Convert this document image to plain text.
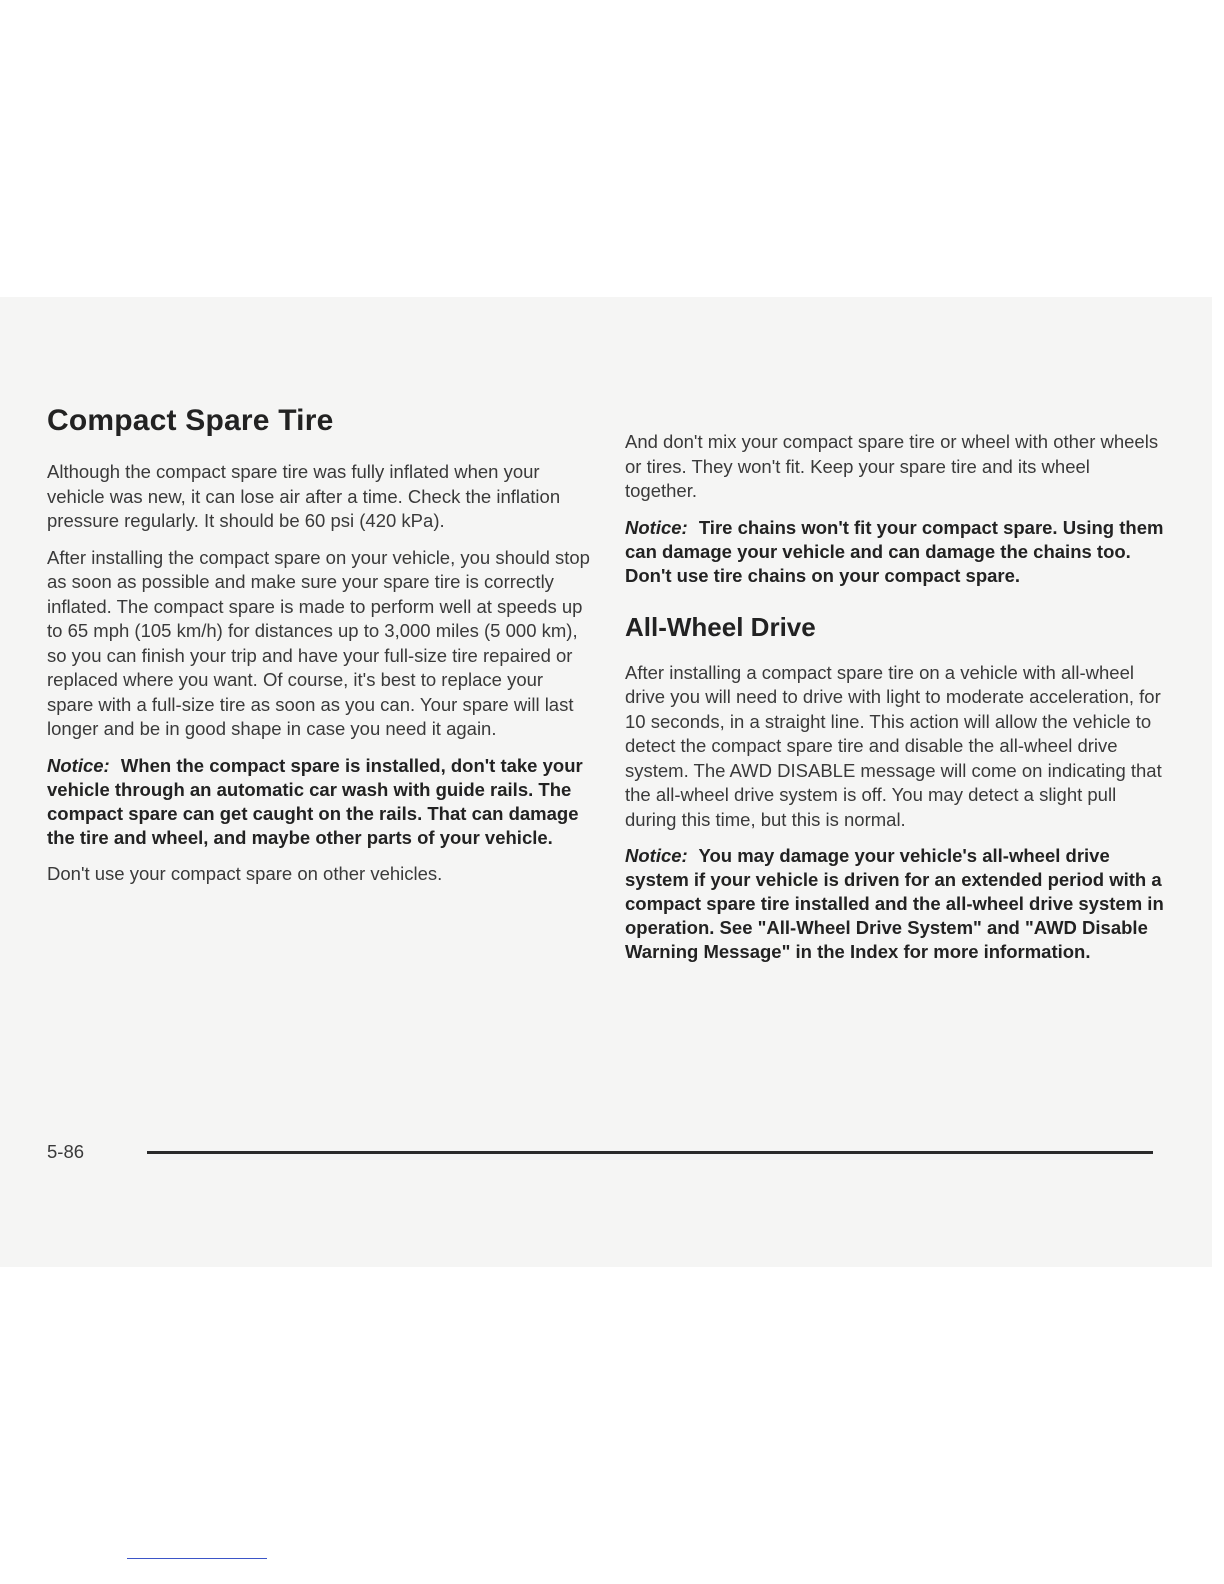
Compact Spare Tire

Although the compact spare tire was fully inflated when your vehicle was new, it can lose air after a time. Check the inflation pressure regularly. It should be 60 psi (420 kPa).

After installing the compact spare on your vehicle, you should stop as soon as possible and make sure your spare tire is correctly inflated. The compact spare is made to perform well at speeds up to 65 mph (105 km/h) for distances up to 3,000 miles (5 000 km), so you can finish your trip and have your full-size tire repaired or replaced where you want. Of course, it's best to replace your spare with a full-size tire as soon as you can. Your spare will last longer and be in good shape in case you need it again.

Notice: When the compact spare is installed, don't take your vehicle through an automatic car wash with guide rails. The compact spare can get caught on the rails. That can damage the tire and wheel, and maybe other parts of your vehicle.

Don't use your compact spare on other vehicles.

And don't mix your compact spare tire or wheel with other wheels or tires. They won't fit. Keep your spare tire and its wheel together.

Notice: Tire chains won't fit your compact spare. Using them can damage your vehicle and can damage the chains too. Don't use tire chains on your compact spare.

All-Wheel Drive

After installing a compact spare tire on a vehicle with all-wheel drive you will need to drive with light to moderate acceleration, for 10 seconds, in a straight line. This action will allow the vehicle to detect the compact spare tire and disable the all-wheel drive system. The AWD DISABLE message will come on indicating that the all-wheel drive system is off. You may detect a slight pull during this time, but this is normal.

Notice: You may damage your vehicle's all-wheel drive system if your vehicle is driven for an extended period with a compact spare tire installed and the all-wheel drive system in operation. See "All-Wheel Drive System" and "AWD Disable Warning Message" in the Index for more information.

5-86
